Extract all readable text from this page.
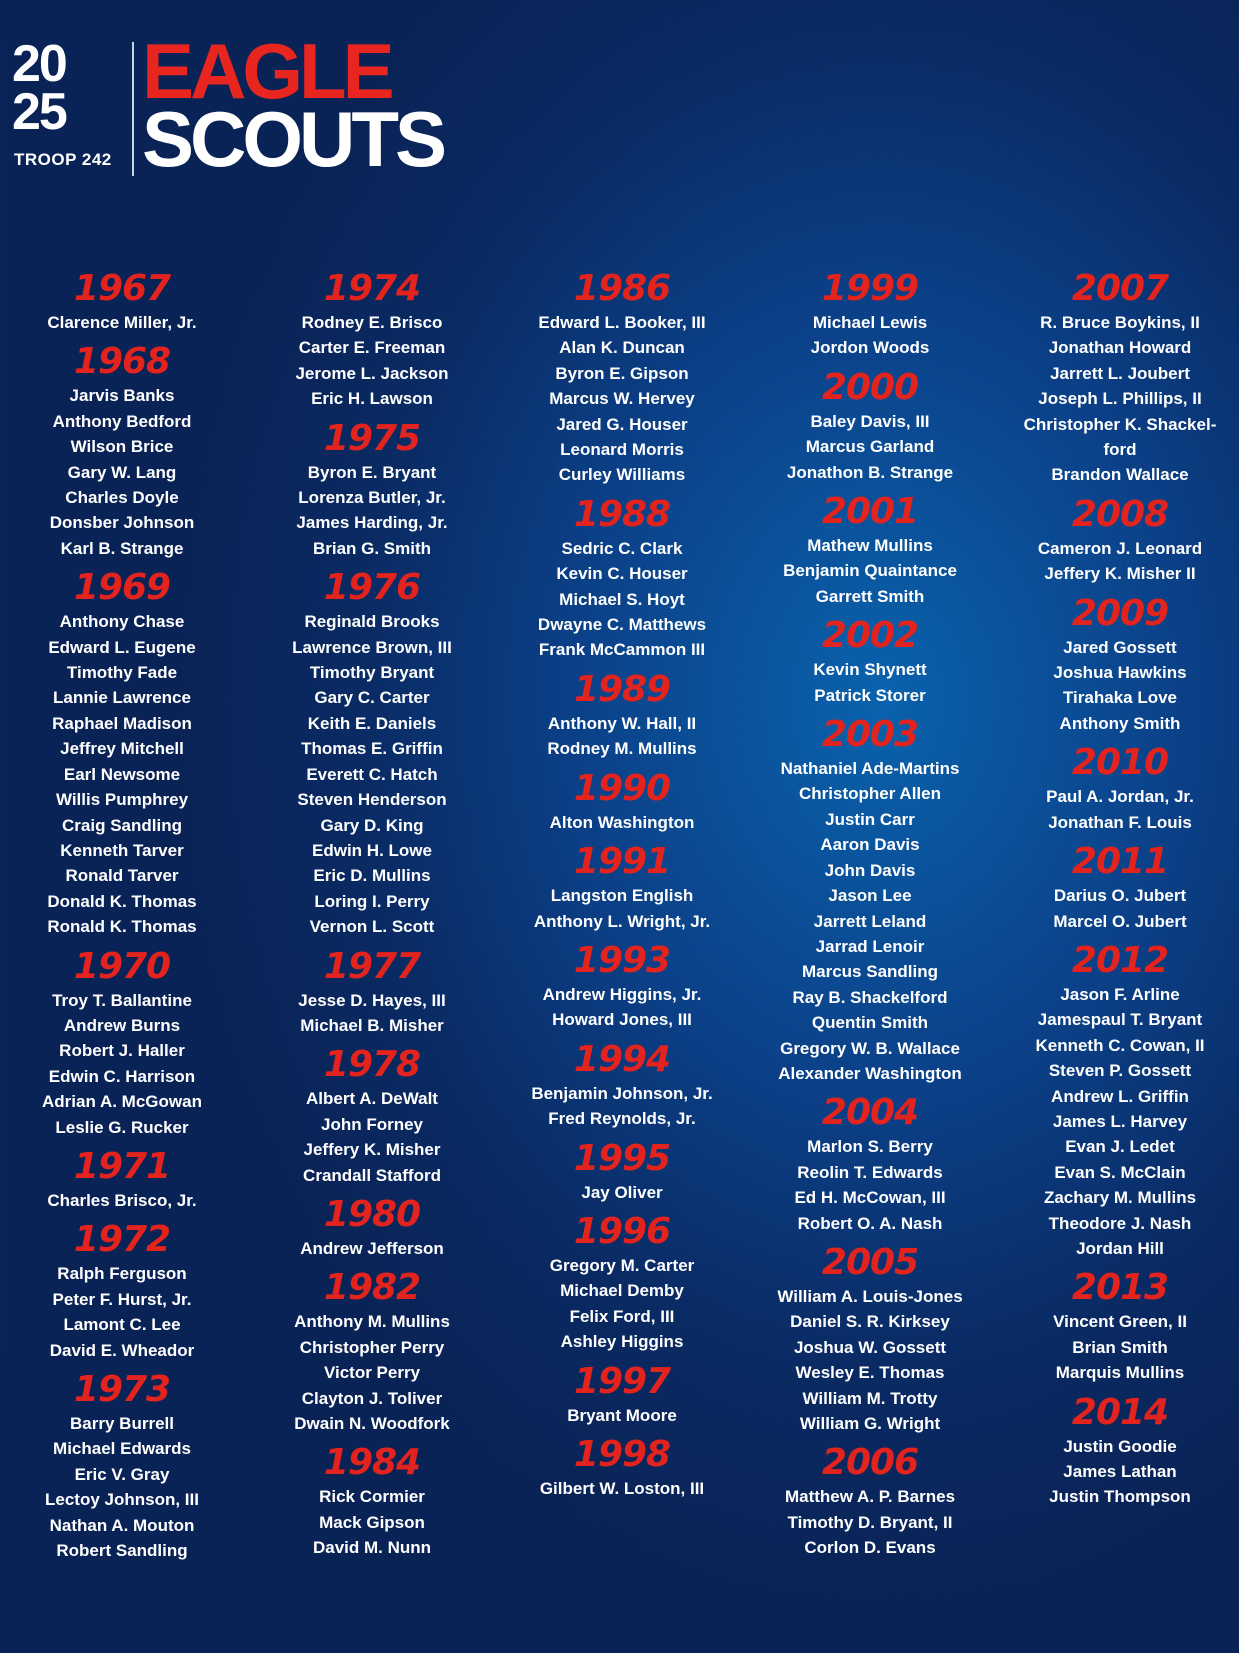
20
25
TROOP 242
EAGLE
SCOUTS
1967
Clarence Miller, Jr.
1968
Jarvis Banks
Anthony Bedford
Wilson Brice
Gary W. Lang
Charles Doyle
Donsber Johnson
Karl B. Strange
1969
Anthony Chase
Edward L. Eugene
Timothy Fade
Lannie Lawrence
Raphael Madison
Jeffrey Mitchell
Earl Newsome
Willis Pumphrey
Craig Sandling
Kenneth Tarver
Ronald Tarver
Donald K. Thomas
Ronald K. Thomas
1970
Troy T. Ballantine
Andrew Burns
Robert J. Haller
Edwin C. Harrison
Adrian A. McGowan
Leslie G. Rucker
1971
Charles Brisco, Jr.
1972
Ralph Ferguson
Peter F. Hurst, Jr.
Lamont C. Lee
David E. Wheador
1973
Barry Burrell
Michael Edwards
Eric V. Gray
Lectoy Johnson, III
Nathan A. Mouton
Robert Sandling
1974
Rodney E. Brisco
Carter E. Freeman
Jerome L. Jackson
Eric H. Lawson
1975
Byron E. Bryant
Lorenza Butler, Jr.
James Harding, Jr.
Brian G. Smith
1976
Reginald Brooks
Lawrence Brown, III
Timothy Bryant
Gary C. Carter
Keith E. Daniels
Thomas E. Griffin
Everett C. Hatch
Steven Henderson
Gary D. King
Edwin H. Lowe
Eric D. Mullins
Loring I. Perry
Vernon L. Scott
1977
Jesse D. Hayes, III
Michael B. Misher
1978
Albert A. DeWalt
John Forney
Jeffery K. Misher
Crandall Stafford
1980
Andrew Jefferson
1982
Anthony M. Mullins
Christopher Perry
Victor Perry
Clayton J. Toliver
Dwain N. Woodfork
1984
Rick Cormier
Mack Gipson
David M. Nunn
1986
Edward L. Booker, III
Alan K. Duncan
Byron E. Gipson
Marcus W. Hervey
Jared G. Houser
Leonard Morris
Curley Williams
1988
Sedric C. Clark
Kevin C. Houser
Michael S. Hoyt
Dwayne C. Matthews
Frank McCammon III
1989
Anthony W. Hall, II
Rodney M. Mullins
1990
Alton Washington
1991
Langston English
Anthony L. Wright, Jr.
1993
Andrew Higgins, Jr.
Howard Jones, III
1994
Benjamin Johnson, Jr.
Fred Reynolds, Jr.
1995
Jay Oliver
1996
Gregory M. Carter
Michael Demby
Felix Ford, III
Ashley Higgins
1997
Bryant Moore
1998
Gilbert W. Loston, III
1999
Michael Lewis
Jordon Woods
2000
Baley Davis, III
Marcus Garland
Jonathon B. Strange
2001
Mathew Mullins
Benjamin Quaintance
Garrett Smith
2002
Kevin Shynett
Patrick Storer
2003
Nathaniel Ade-Martins
Christopher Allen
Justin Carr
Aaron Davis
John Davis
Jason Lee
Jarrett Leland
Jarrad Lenoir
Marcus Sandling
Ray B. Shackelford
Quentin Smith
Gregory W. B. Wallace
Alexander Washington
2004
Marlon S. Berry
Reolin T. Edwards
Ed H. McCowan, III
Robert O. A. Nash
2005
William A. Louis-Jones
Daniel S. R. Kirksey
Joshua W. Gossett
Wesley E. Thomas
William M. Trotty
William G. Wright
2006
Matthew A. P. Barnes
Timothy D. Bryant, II
Corlon D. Evans
2007
R. Bruce Boykins, II
Jonathan Howard
Jarrett L. Joubert
Joseph L. Phillips, II
Christopher K. Shackel-
ford
Brandon Wallace
2008
Cameron J. Leonard
Jeffery K. Misher II
2009
Jared Gossett
Joshua Hawkins
Tirahaka Love
Anthony Smith
2010
Paul A. Jordan, Jr.
Jonathan F. Louis
2011
Darius O. Jubert
Marcel O. Jubert
2012
Jason F. Arline
Jamespaul T. Bryant
Kenneth C. Cowan, II
Steven P. Gossett
Andrew L. Griffin
James L. Harvey
Evan J. Ledet
Evan S. McClain
Zachary M. Mullins
Theodore J. Nash
Jordan Hill
2013
Vincent Green, II
Brian Smith
Marquis Mullins
2014
Justin Goodie
James Lathan
Justin Thompson
